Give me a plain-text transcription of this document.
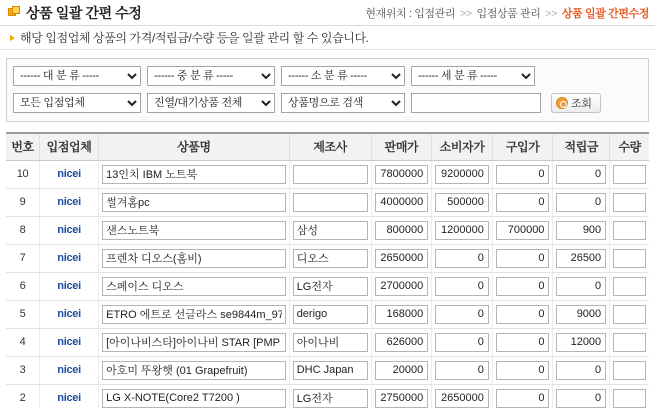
상품 일괄 간편 수정	현재위치 : 입점관리 >> 입점상품 관리 >> 상품 일괄 간편수정
해당 입점업체 상품의 가격/적립금/수량 등을 일괄 관리 할 수 있습니다.
------ 대 분 류 -----
------ 중 분 류 -----
------ 소 분 류 -----
------ 세 분 류 -----
모든 입점업체
진열/대기상품 전체
상품명으로 검색
조회
번호	입점업체	상품명	제조사	판매가	소비자가	구입가	적립금	수량
10	nicei	13인치 IBM 노트북		7800000	9200000	0	0	
9	nicei	썰겨홈pc		4000000	500000	0	0	
8	nicei	샌스노트북	삼성	800000	1200000	700000	900	
7	nicei	프렌차 디오스(홈비)	디오스	2650000	0	0	26500	
6	nicei	스페이스 디오스	LG전자	2700000	0	0	0	
5	nicei	ETRO 에트로 선글라스 se9844m_97t	derigo	168000	0	0	9000	
4	nicei	[아이나비스타]아이나비 STAR [PMP 20GB + DM	아이나비	626000	0	0	12000	
3	nicei	아호미 뚜왕햇 (01 Grapefruit)	DHC Japan	20000	0	0	0	
2	nicei	LG X-NOTE(Core2 T7200 )	LG전자	2750000	2650000	0	0	
